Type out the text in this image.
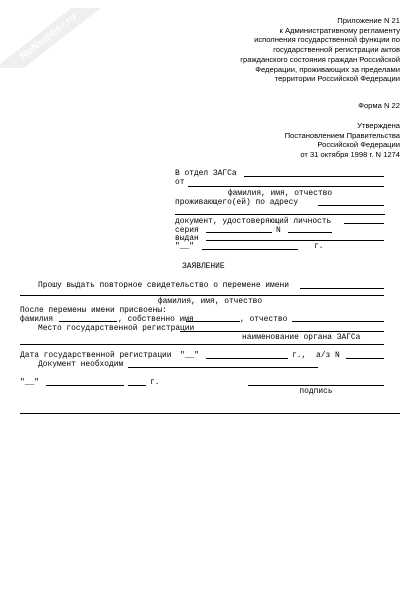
NoNumber.ru	Приложение N 21
к Административному регламенту
исполнения государственной функции по
государственной регистрации актов
гражданского состояния граждан Российской
Федерации, проживающих за пределами
территории Российской Федерации
Форма N 22
Утверждена
Постановлением Правительства
Российской Федерации
от 31 октября 1998 г. N 1274
В отдел ЗАГСа
от
фамилия, имя, отчество
проживающего(ей) по адресу
документ, удостоверяющий личность
серия	N
выдан
"__"	г.
ЗАЯВЛЕНИЕ
Прошу выдать повторное свидетельство о перемене имени
фамилия, имя, отчество
После перемены имени присвоены:
фамилия	, собственно имя	, отчество
Место государственной регистрации
наименование органа ЗАГСа
Дата государственной регистрации "__"	г., а/з N
Документ необходим
"__"	г.
подпись
